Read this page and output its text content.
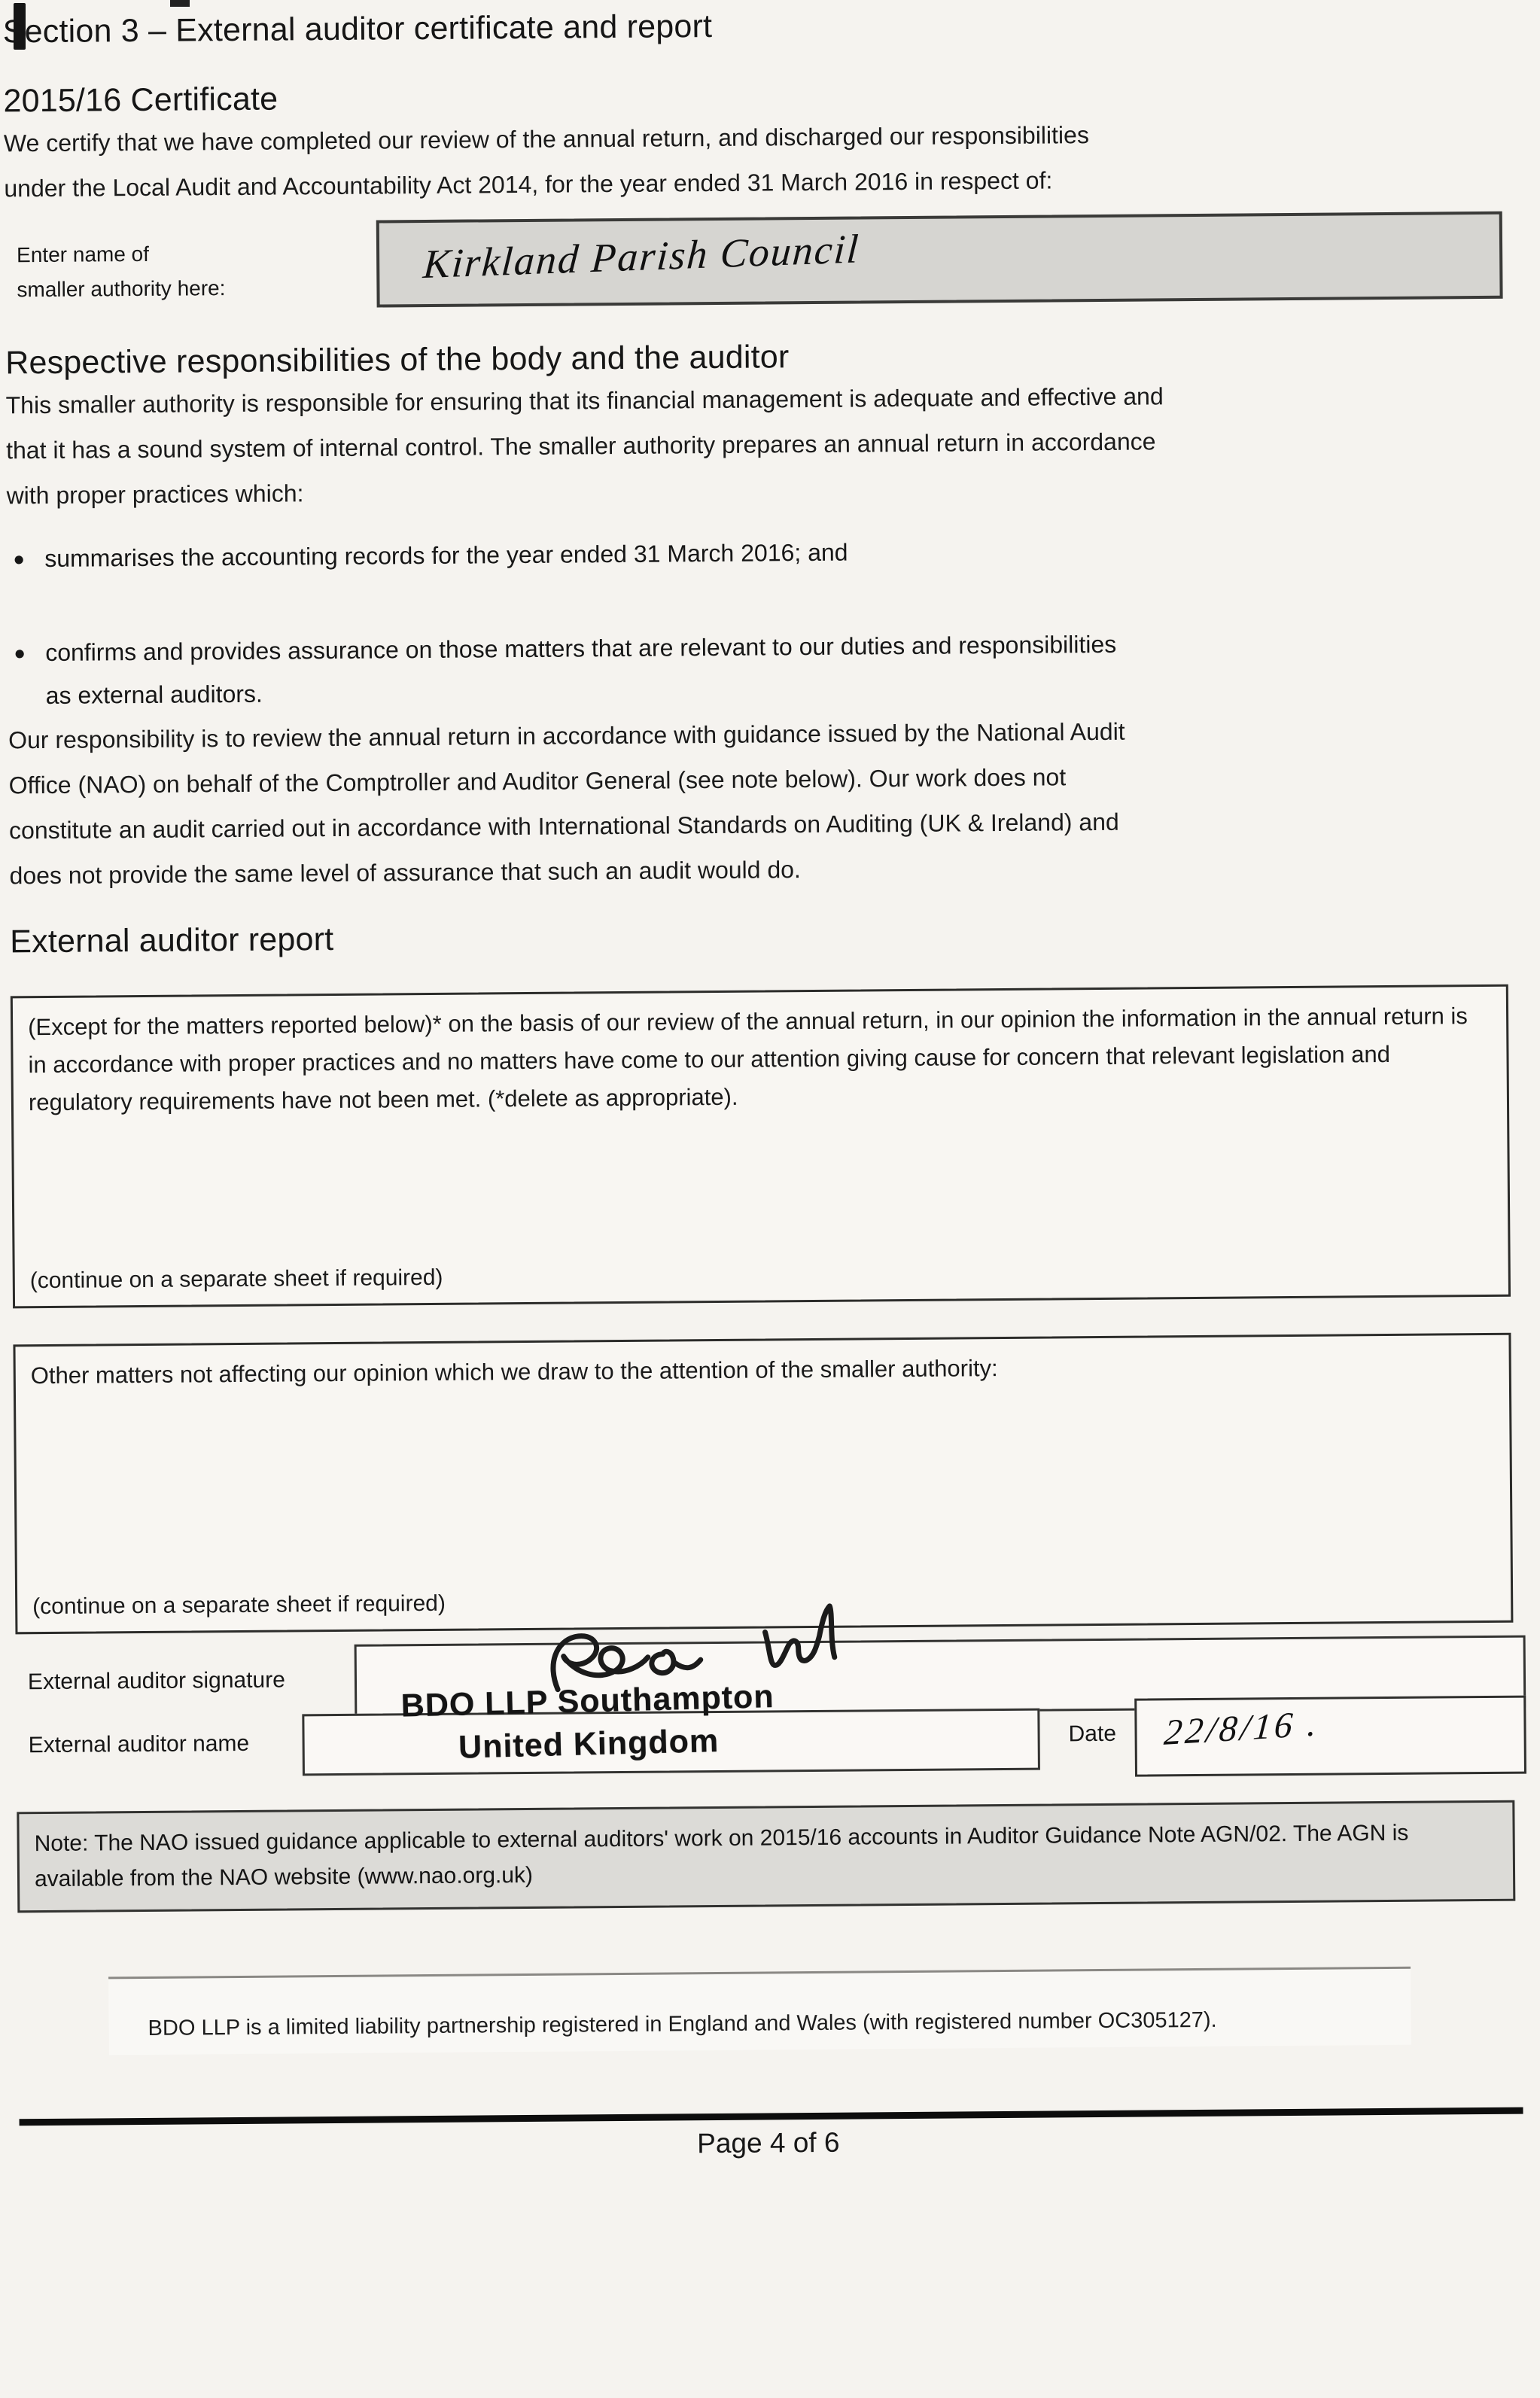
Section 3 – External auditor certificate and report
2015/16 Certificate

We certify that we have completed our review of the annual return, and discharged our responsibilities under the Local Audit and Accountability Act 2014, for the year ended 31 March 2016 in respect of:

Enter name of
smaller authority here:
Kirkland Parish Council
Respective responsibilities of the body and the auditor

This smaller authority is responsible for ensuring that its financial management is adequate and effective and that it has a sound system of internal control. The smaller authority prepares an annual return in accordance with proper practices which:

● summarises the accounting records for the year ended 31 March 2016; and
● confirms and provides assurance on those matters that are relevant to our duties and responsibilities as external auditors.

Our responsibility is to review the annual return in accordance with guidance issued by the National Audit Office (NAO) on behalf of the Comptroller and Auditor General (see note below). Our work does not constitute an audit carried out in accordance with International Standards on Auditing (UK & Ireland) and does not provide the same level of assurance that such an audit would do.

External auditor report

(Except for the matters reported below)* on the basis of our review of the annual return, in our opinion the information in the annual return is in accordance with proper practices and no matters have come to our attention giving cause for concern that relevant legislation and regulatory requirements have not been met. (*delete as appropriate).

(continue on a separate sheet if required)

Other matters not affecting our opinion which we draw to the attention of the smaller authority:

(continue on a separate sheet if required)
External auditor signature	BDO LLP Southampton
United Kingdom
External auditor name	Date 22/8/16 .
Note: The NAO issued guidance applicable to external auditors' work on 2015/16 accounts in Auditor Guidance Note AGN/02. The AGN is available from the NAO website (www.nao.org.uk)

BDO LLP is a limited liability partnership registered in England and Wales (with registered number OC305127).

Page 4 of 6
